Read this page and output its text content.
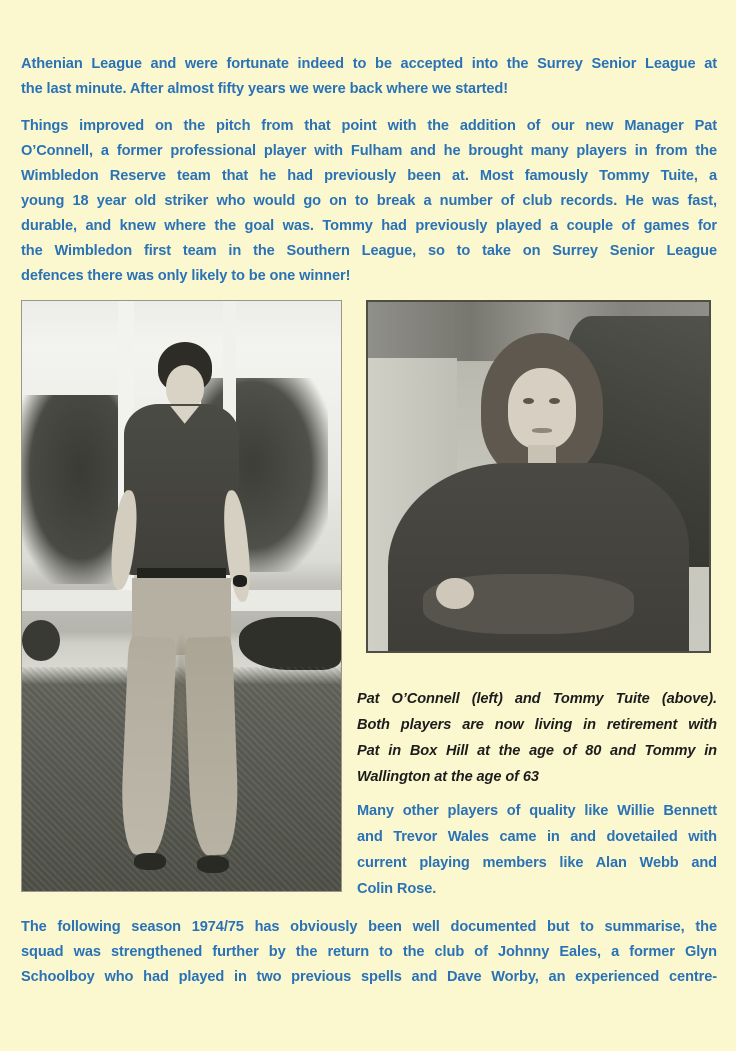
Athenian League and were fortunate indeed to be accepted into the Surrey Senior League at
the last minute. After almost fifty years we were back where we started!
Things improved on the pitch from that point with the addition of our new Manager Pat
O’Connell, a former professional player with Fulham and he brought many players in from the
Wimbledon Reserve team that he had previously been at. Most famously Tommy Tuite, a
young 18 year old striker who would go on to break a number of club records. He was fast,
durable, and knew where the goal was. Tommy had previously played a couple of games for
the Wimbledon first team in the Southern League, so to take on Surrey Senior League
defences there was only likely to be one winner!
Pat O’Connell (left) and Tommy Tuite (above).
Both players are now living in retirement with
Pat in Box Hill at the age of 80 and Tommy in
Wallington at the age of 63
Many other players of quality like Willie Bennett
and Trevor Wales came in and dovetailed with
current playing members like Alan Webb and
Colin Rose.
The following season 1974/75 has obviously been well documented but to summarise, the
squad was strengthened further by the return to the club of Johnny Eales, a former Glyn
Schoolboy who had played in two previous spells and Dave Worby, an experienced centre-
